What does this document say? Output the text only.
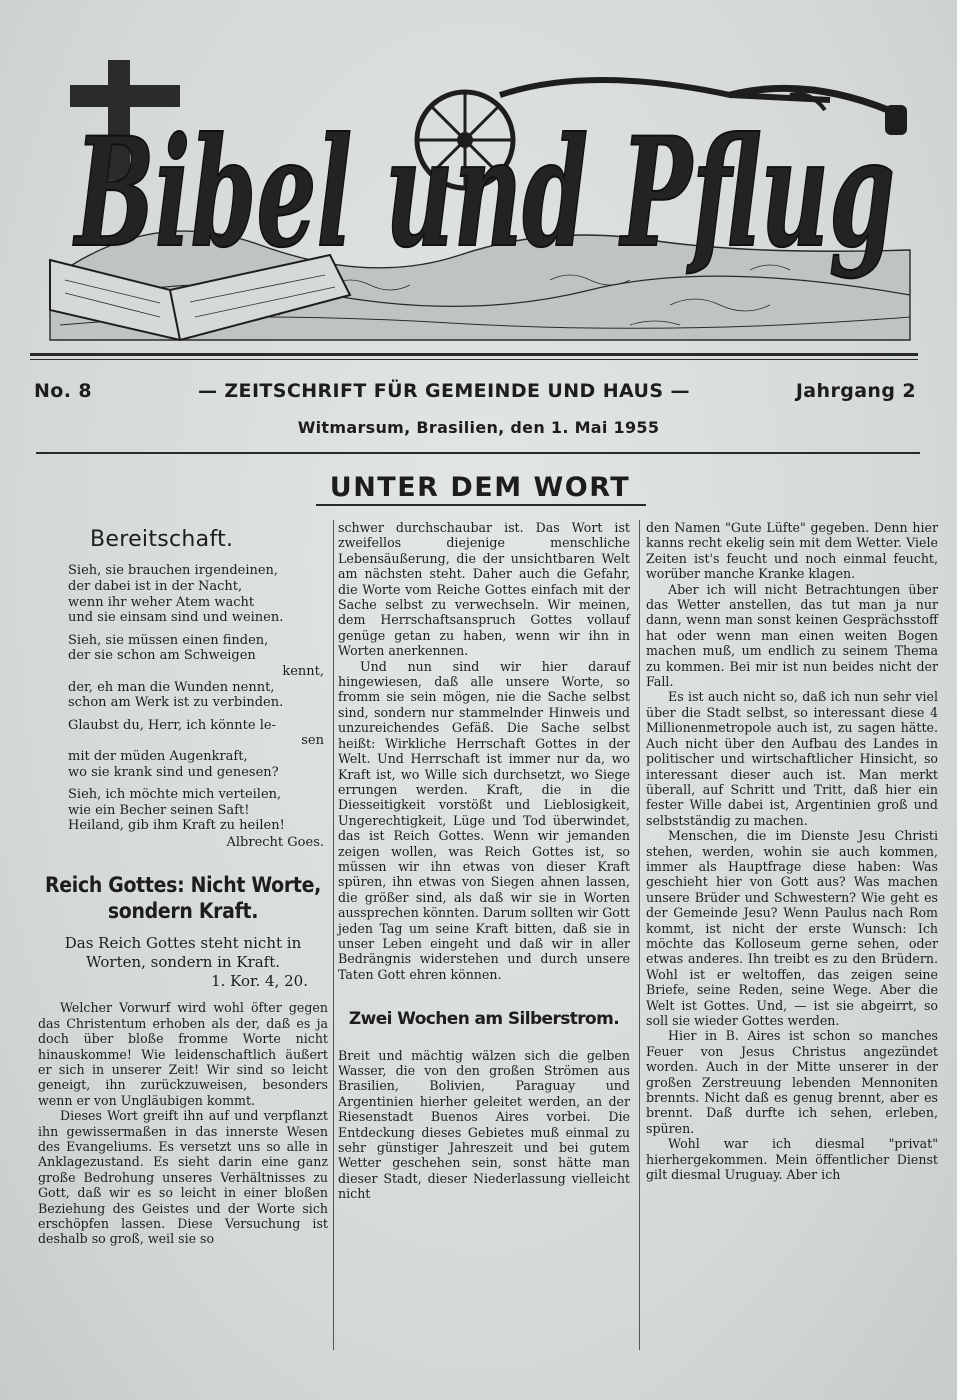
Bibel und Pflug
No. 8	— ZEITSCHRIFT FÜR GEMEINDE UND HAUS —	Jahrgang 2
Witmarsum, Brasilien, den 1. Mai 1955
UNTER DEM WORT
Bereitschaft.
Sieh, sie brauchen irgendeinen,
der dabei ist in der Nacht,
wenn ihr weher Atem wacht
und sie einsam sind und weinen.
Sieh, sie müssen einen finden,
der sie schon am Schweigen
kennt,
der, eh man die Wunden nennt,
schon am Werk ist zu verbinden.
Glaubst du, Herr, ich könnte le-
sen
mit der müden Augenkraft,
wo sie krank sind und genesen?
Sieh, ich möchte mich verteilen,
wie ein Becher seinen Saft!
Heiland, gib ihm Kraft zu heilen!
Albrecht Goes.
Reich Gottes: Nicht Worte, sondern Kraft.
Das Reich Gottes steht nicht in Worten, sondern in Kraft.
1. Kor. 4, 20.

Welcher Vorwurf wird wohl öfter gegen das Christentum erhoben als der, daß es ja doch über bloße fromme Worte nicht hinauskomme! Wie leidenschaftlich äußert er sich in unserer Zeit! Wir sind so leicht geneigt, ihn zurückzuweisen, besonders wenn er von Ungläubigen kommt.

Dieses Wort greift ihn auf und verpflanzt ihn gewissermaßen in das innerste Wesen des Evangeliums. Es versetzt uns so alle in Anklagezustand. Es sieht darin eine ganz große Bedrohung unseres Verhältnisses zu Gott, daß wir es so leicht in einer bloßen Beziehung des Geistes und der Worte sich erschöpfen lassen. Diese Versuchung ist deshalb so groß, weil sie so

schwer durchschaubar ist. Das Wort ist zweifellos diejenige menschliche Lebensäußerung, die der unsichtbaren Welt am nächsten steht. Daher auch die Gefahr, die Worte vom Reiche Gottes einfach mit der Sache selbst zu verwechseln. Wir meinen, dem Herrschaftsanspruch Gottes vollauf genüge getan zu haben, wenn wir ihn in Worten anerkennen.

Und nun sind wir hier darauf hingewiesen, daß alle unsere Worte, so fromm sie sein mögen, nie die Sache selbst sind, sondern nur stammelnder Hinweis und unzureichendes Gefäß. Die Sache selbst heißt: Wirkliche Herrschaft Gottes in der Welt. Und Herrschaft ist immer nur da, wo Kraft ist, wo Wille sich durchsetzt, wo Siege errungen werden. Kraft, die in die Diesseitigkeit vorstößt und Lieblosigkeit, Ungerechtigkeit, Lüge und Tod überwindet, das ist Reich Gottes. Wenn wir jemanden zeigen wollen, was Reich Gottes ist, so müssen wir ihn etwas von dieser Kraft spüren, ihn etwas von Siegen ahnen lassen, die größer sind, als daß wir sie in Worten aussprechen könnten. Darum sollten wir Gott jeden Tag um seine Kraft bitten, daß sie in unser Leben eingeht und daß wir in aller Bedrängnis widerstehen und durch unsere Taten Gott ehren können.

Zwei Wochen am Silberstrom.

Breit und mächtig wälzen sich die gelben Wasser, die von den großen Strömen aus Brasilien, Bolivien, Paraguay und Argentinien hierher geleitet werden, an der Riesenstadt Buenos Aires vorbei. Die Entdeckung dieses Gebietes muß einmal zu sehr günstiger Jahreszeit und bei gutem Wetter geschehen sein, sonst hätte man dieser Stadt, dieser Niederlassung vielleicht nicht

den Namen "Gute Lüfte" gegeben. Denn hier kanns recht ekelig sein mit dem Wetter. Viele Zeiten ist's feucht und noch einmal feucht, worüber manche Kranke klagen.

Aber ich will nicht Betrachtungen über das Wetter anstellen, das tut man ja nur dann, wenn man sonst keinen Gesprächsstoff hat oder wenn man einen weiten Bogen machen muß, um endlich zu seinem Thema zu kommen. Bei mir ist nun beides nicht der Fall.

Es ist auch nicht so, daß ich nun sehr viel über die Stadt selbst, so interessant diese 4 Millionenmetropole auch ist, zu sagen hätte. Auch nicht über den Aufbau des Landes in politischer und wirtschaftlicher Hinsicht, so interessant dieser auch ist. Man merkt überall, auf Schritt und Tritt, daß hier ein fester Wille dabei ist, Argentinien groß und selbstständig zu machen.

Menschen, die im Dienste Jesu Christi stehen, werden, wohin sie auch kommen, immer als Hauptfrage diese haben: Was geschieht hier von Gott aus? Was machen unsere Brüder und Schwestern? Wie geht es der Gemeinde Jesu? Wenn Paulus nach Rom kommt, ist nicht der erste Wunsch: Ich möchte das Kolloseum gerne sehen, oder etwas anderes. Ihn treibt es zu den Brüdern. Wohl ist er weltoffen, das zeigen seine Briefe, seine Reden, seine Wege. Aber die Welt ist Gottes. Und, — ist sie abgeirrt, so soll sie wieder Gottes werden.

Hier in B. Aires ist schon so manches Feuer von Jesus Christus angezündet worden. Auch in der Mitte unserer in der großen Zerstreuung lebenden Mennoniten brennts. Nicht daß es genug brennt, aber es brennt. Daß durfte ich sehen, erleben, spüren.

Wohl war ich diesmal "privat" hierhergekommen. Mein öffentlicher Dienst gilt diesmal Uruguay. Aber ich
